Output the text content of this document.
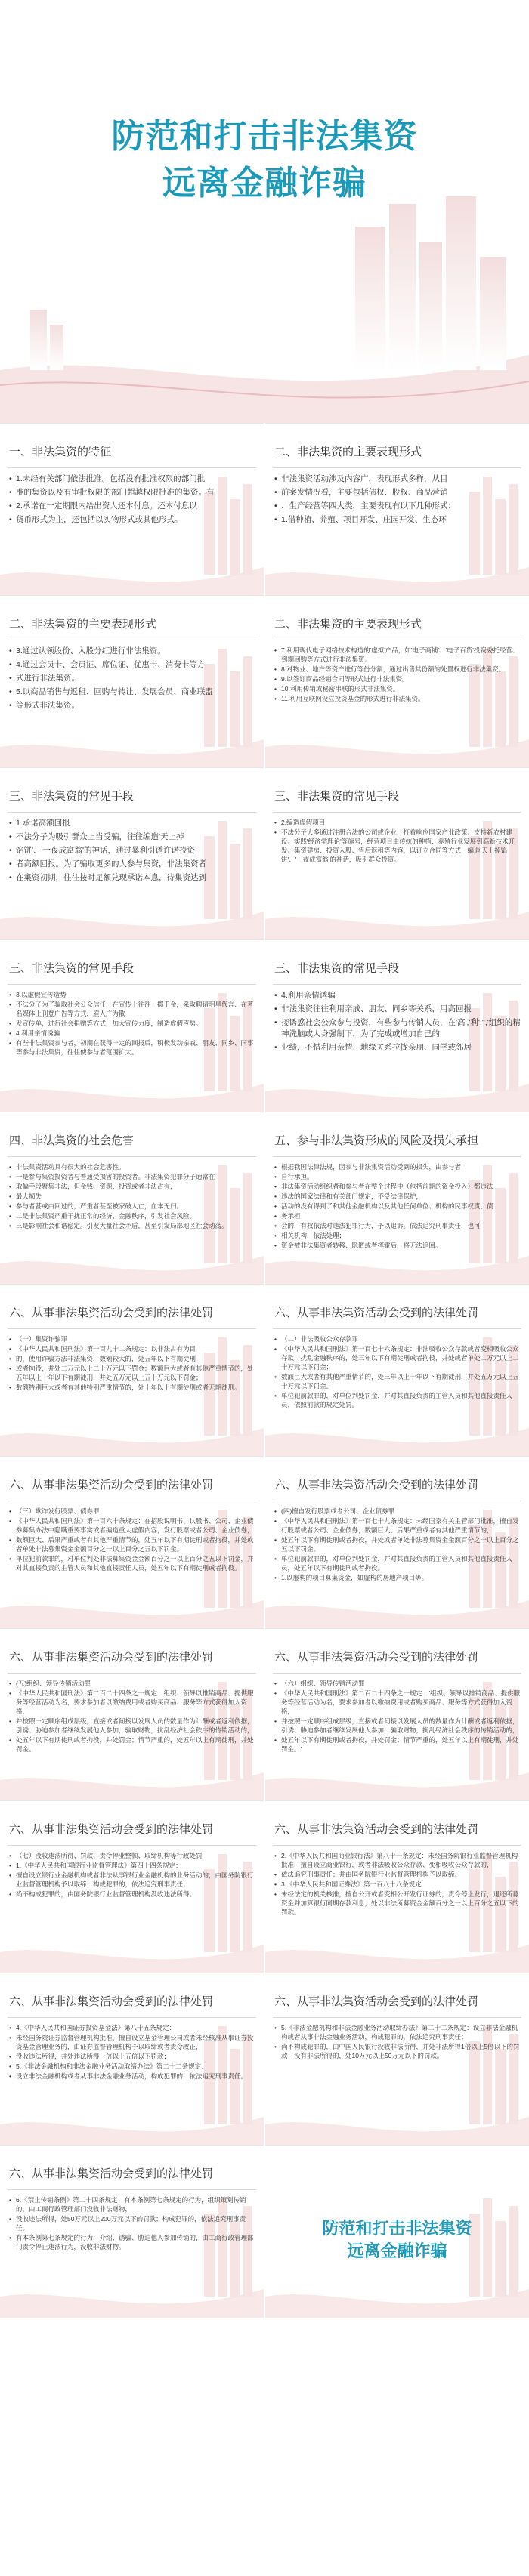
防范和打击非法集资
远离金融诈骗
一、非法集资的特征
• 1.未经有关部门依法批准。包括没有批准权限的部门批
• 准的集资以及有审批权限的部门超越权限批准的集资。有
• 2.承诺在一定期限内给出资人还本付息。还本付息以
• 货币形式为主，还包括以实物形式或其他形式。
二、非法集资的主要表现形式
• 非法集资活动涉及内容广，表现形式多样，从目
• 前案发情况看，主要包括债权、股权、商品营销
• 、生产经营等四大类，主要表现有以下几种形式：
• 1.借种植、养殖、项目开发、庄园开发、生态环
二、非法集资的主要表现形式
• 3.通过认领股份、入股分红进行非法集资。
• 4.通过会员卡、会员证、席位证、优惠卡、消费卡等方
• 式进行非法集资。
• 5.以商品销售与返租、回购与转让、发展会员、商业联盟
• 等形式非法集资。
二、非法集资的主要表现形式
• 7.利用现代电子网络技术构造的'虚拟'产品，如'电子商铺'、'电子百货'投资委托经营、到期回购等方式进行非法集资。
• 8.对物业、地产等资产进行等份分割，通过出售其份额的处置权进行非法集资。
• 9.以签订商品经销合同等形式进行非法集资。
• 10.利用传销或秘密串联的形式非法集资。
• 11.利用互联网设立投资基金的形式进行非法集资。
三、非法集资的常见手段
• 1.承诺高额回报
• 不法分子为吸引群众上当受骗，往往编造'天上掉
• 馅饼'、'一夜成富翁'的神话，通过暴利引诱许诺投资
• 者高额回报。为了骗取更多的人参与集资，非法集资者
• 在集资初期，往往按时足额兑现承诺本息，待集资达到
三、非法集资的常见手段
• 2.编造虚假项目
• 不法分子大多通过注册合法的公司或企业，打着响应国家产业政策、支持新农村建设、实践'经济学理论'等旗号，经营项目由传统的种植、养殖行业发展到高新技术开发、集资建房、投资入股、售后返租等内容，以订立合同等方式，编造'天上掉馅饼'、'一夜成富翁'的神话，吸引群众投资。
三、非法集资的常见手段
• 3.以虚假宣传造势
• 不法分子为了骗取社会公众信任，在宣传上往往一掷千金，采取聘请明星代言、在著名媒体上刊登广告等方式，雇人广为散
• 发宣传单，进行社会捐赠等方式，加大宣传力度，制造虚假声势。
• 4.利用亲情诱骗
• 有些非法集资参与者，初期在获得一定的回报后，积极发动亲戚、朋友、同乡、同事等参与非法集资，往往使参与者范围扩大。
三、非法集资的常见手段
• 4.利用亲情诱骗
• 非法集资往往利用亲戚、朋友、同乡等关系，用高回报
• 接诱惑社会公众参与投资，有些参与传销人员，在'高','利','','组织的精神洗脑或人身强制下，为了完成或增加自己的
• 业绩，不惜利用亲情、地缘关系拉拢亲朋、同学或邻居
四、非法集资的社会危害
• 非法集资活动具有很大的社会危害性。
• 一是参与集资投资者与普通受损害的投资者。非法集资犯罪分子通常在
• 取偏手段聚集非法，但金钱、资源、投资或者非法占有，
• 最大损失
• 参与者甚或由回过的，严重者甚至被家破人亡，血本无归。
• 二是非法集资严重干扰正常的经济、金融秩序，引发社会风险。
• 三是影响社会和谐稳定。引发大量社会矛盾，甚至引发局部地区社会动荡。
五、参与非法集资形成的风险及损失承担
• 根据我国法律法规，因参与非法集资活动受到的损失，由参与者
• 自行承担。
• 非法集资活动组织者和参与者在整个过程中（包括前期的资金投入）都违法
• 违法的国家法律和有关部门规定，不受法律保护，
• 活动的没有得到了和其他金融机构以及其他任何单位、机构的民事权责、债
• 务承担
• 会的，有权依法对违法犯罪行为，予以追诉。依法追究刑事责任，也可
• 相关机构，依法处理；
• 资金被非法集资者转移、隐匿或者挥霍后，将无法追回。
六、从事非法集资活动会受到的法律处罚
• （一）集资诈骗罪
• 《中华人民共和国刑法》第一百九十二条规定：以非法占有为目
• 的，使用诈骗方法非法集资，数额较大的，处五年以下有期徒刑
• 或者拘役，并处二万元以上二十万元以下罚金；数额巨大或者有其他严重情节的，处五年以上十年以下有期徒刑，并处五万元以上五十万元以下罚金；
• 数额特别巨大或者有其他特别严重情节的，处十年以上有期徒刑或者无期徒刑。
六、从事非法集资活动会受到的法律处罚
• （二）非法吸收公众存款罪
• 《中华人民共和国刑法》第一百七十六条规定：非法吸收公众存款或者变相吸收公众存款，扰乱金融秩序的，处三年以下有期徒刑或者拘役，并处或者单处二万元以上二十万元以下罚金；
• 数额巨大或者有其他严重情节的，处三年以上十年以下有期徒刑，并处五万元以上五十万元以下罚金。
• 单位犯前款罪的，对单位判处罚金，并对其直接负责的主管人员和其他直接责任人员，依照前款的规定处罚。
六、从事非法集资活动会受到的法律处罚
• （三）欺诈发行股票、债券罪
• 《中华人民共和国刑法》第一百六十条规定：在招股说明书、认股书、公司、企业债券募集办法中隐瞒重要事实或者编造重大虚假内容，发行股票或者公司、企业债券，
• 数额巨大、后果严重或者有其他严重情节的，处五年以下有期徒刑或者拘役，并处或者单处非法募集资金金额百分之一以上百分之五以下罚金。
• 单位犯前款罪的，对单位判处非法募集资金金额百分之一以上百分之五以下罚金，并对其直接负责的主管人员和其他直接责任人员，处五年以下有期徒刑或者拘役。
六、从事非法集资活动会受到的法律处罚
• (四)擅自发行股票或者公司、企业债券罪
• 《中华人民共和国刑法》第一百七十九条规定：未经国家有关主管部门批准，擅自发行股票或者公司、企业债券，数额巨大、后果严重或者有其他严重情节的，
• 处五年以下有期徒刑或者拘役，并处或者单处非法募集资金金额百分之一以上百分之五以下罚金。
• 单位犯前款罪的，对单位判处罚金，并对其直接负责的主管人员和其他直接责任人员，处五年以下有期徒刑或者拘役。
• 1.以虚构的项目募集资金，如虚构的房地产项目等。
六、从事非法集资活动会受到的法律处罚
• (五)组织、领导传销活动罪
• 《中华人民共和国刑法》第二百二十四条之一规定：组织、领导以推销商品、提供服务等经营活动为名，要求参加者以缴纳费用或者购买商品、服务等方式获得加入资格，
• 并按照一定顺序组成层级，直接或者间接以发展人员的数量作为计酬或者返利依据，引诱、胁迫参加者继续发展他人参加，骗取财物，扰乱经济社会秩序的传销活动的，
• 处五年以下有期徒刑或者拘役，并处罚金；情节严重的，处五年以上有期徒刑，并处罚金。
六、从事非法集资活动会受到的法律处罚
• （六）组织、领导传销活动罪
• 《中华人民共和国刑法》第二百二十四条之一规定：'组织、领导以推销商品、提供服务等经营活动为名，要求参加者以缴纳费用或者购买商品、服务等方式获得加入资格，
• 并按照一定顺序组成层级，直接或者间接以发展人员的数量作为计酬或者返利依据，引诱、胁迫参加者继续发展他人参加，骗取财物，扰乱经济社会秩序的传销活动的，
• 处五年以下有期徒刑或者拘役，并处罚金；情节严重的，处五年以上有期徒刑，并处罚金。'
六、从事非法集资活动会受到的法律处罚
• （七）没收违法所得、罚款、责令停业整顿、取缔机构等行政处罚
• 1.《中华人民共和国银行业监督管理法》第四十四条规定：
• 擅自设立银行业金融机构或者非法从事银行业金融机构的业务活动的，由国务院银行业监督管理机构予以取缔；构成犯罪的，依法追究刑事责任；
• 尚不构成犯罪的，由国务院银行业监督管理机构没收违法所得。
六、从事非法集资活动会受到的法律处罚
• 2.《中华人民共和国商业银行法》第八十一条规定：未经国务院银行业监督管理机构批准，擅自设立商业银行，或者非法吸收公众存款、变相吸收公众存款的，
• 依法追究刑事责任；并由国务院银行业监督管理机构予以取缔。
• 3.《中华人民共和国证券法》第一百八十八条规定：
• 未经法定的机关核准，擅自公开或者变相公开发行证券的，责令停止发行，退还所募资金并加算银行同期存款利息，处以非法所募资金金额百分之一以上百分之五以下的罚款。
六、从事非法集资活动会受到的法律处罚
• 4.《中华人民共和国证券投资基金法》第八十五条规定：
• 未经国务院证券监督管理机构批准，擅自设立基金管理公司或者未经核准从事证券投资基金管理业务的，由证券监督管理机构予以取缔或者责令改正，
• 没收违法所得，并处违法所得一倍以上五倍以下罚款；
• 5.《非法金融机构和非法金融业务活动取缔办法》第二十二条规定：
• 设立非法金融机构或者从事非法金融业务活动，构成犯罪的，依法追究刑事责任。
六、从事非法集资活动会受到的法律处罚
• 5.《非法金融机构和非法金融业务活动取缔办法》第二十二条规定：设立非法金融机构或者从事非法金融业务活动，构成犯罪的，依法追究刑事责任；
• 尚不构成犯罪的，由中国人民银行没收非法所得，并处非法所得1倍以上5倍以下的罚款；没有非法所得的，处10万元以上50万元以下的罚款。
六、从事非法集资活动会受到的法律处罚
• 6.《禁止传销条例》第二十四条规定：有本条例第七条规定的行为，组织策划传销的，由工商行政管理部门没收非法财物，
• 没收违法所得，处50万元以上200万元以下的罚款；构成犯罪的，依法追究刑事责任。
• 有本条例第七条规定的行为，介绍、诱骗、胁迫他人参加传销的，由工商行政管理部门责令停止违法行为，没收非法财物。
防范和打击非法集资
远离金融诈骗
